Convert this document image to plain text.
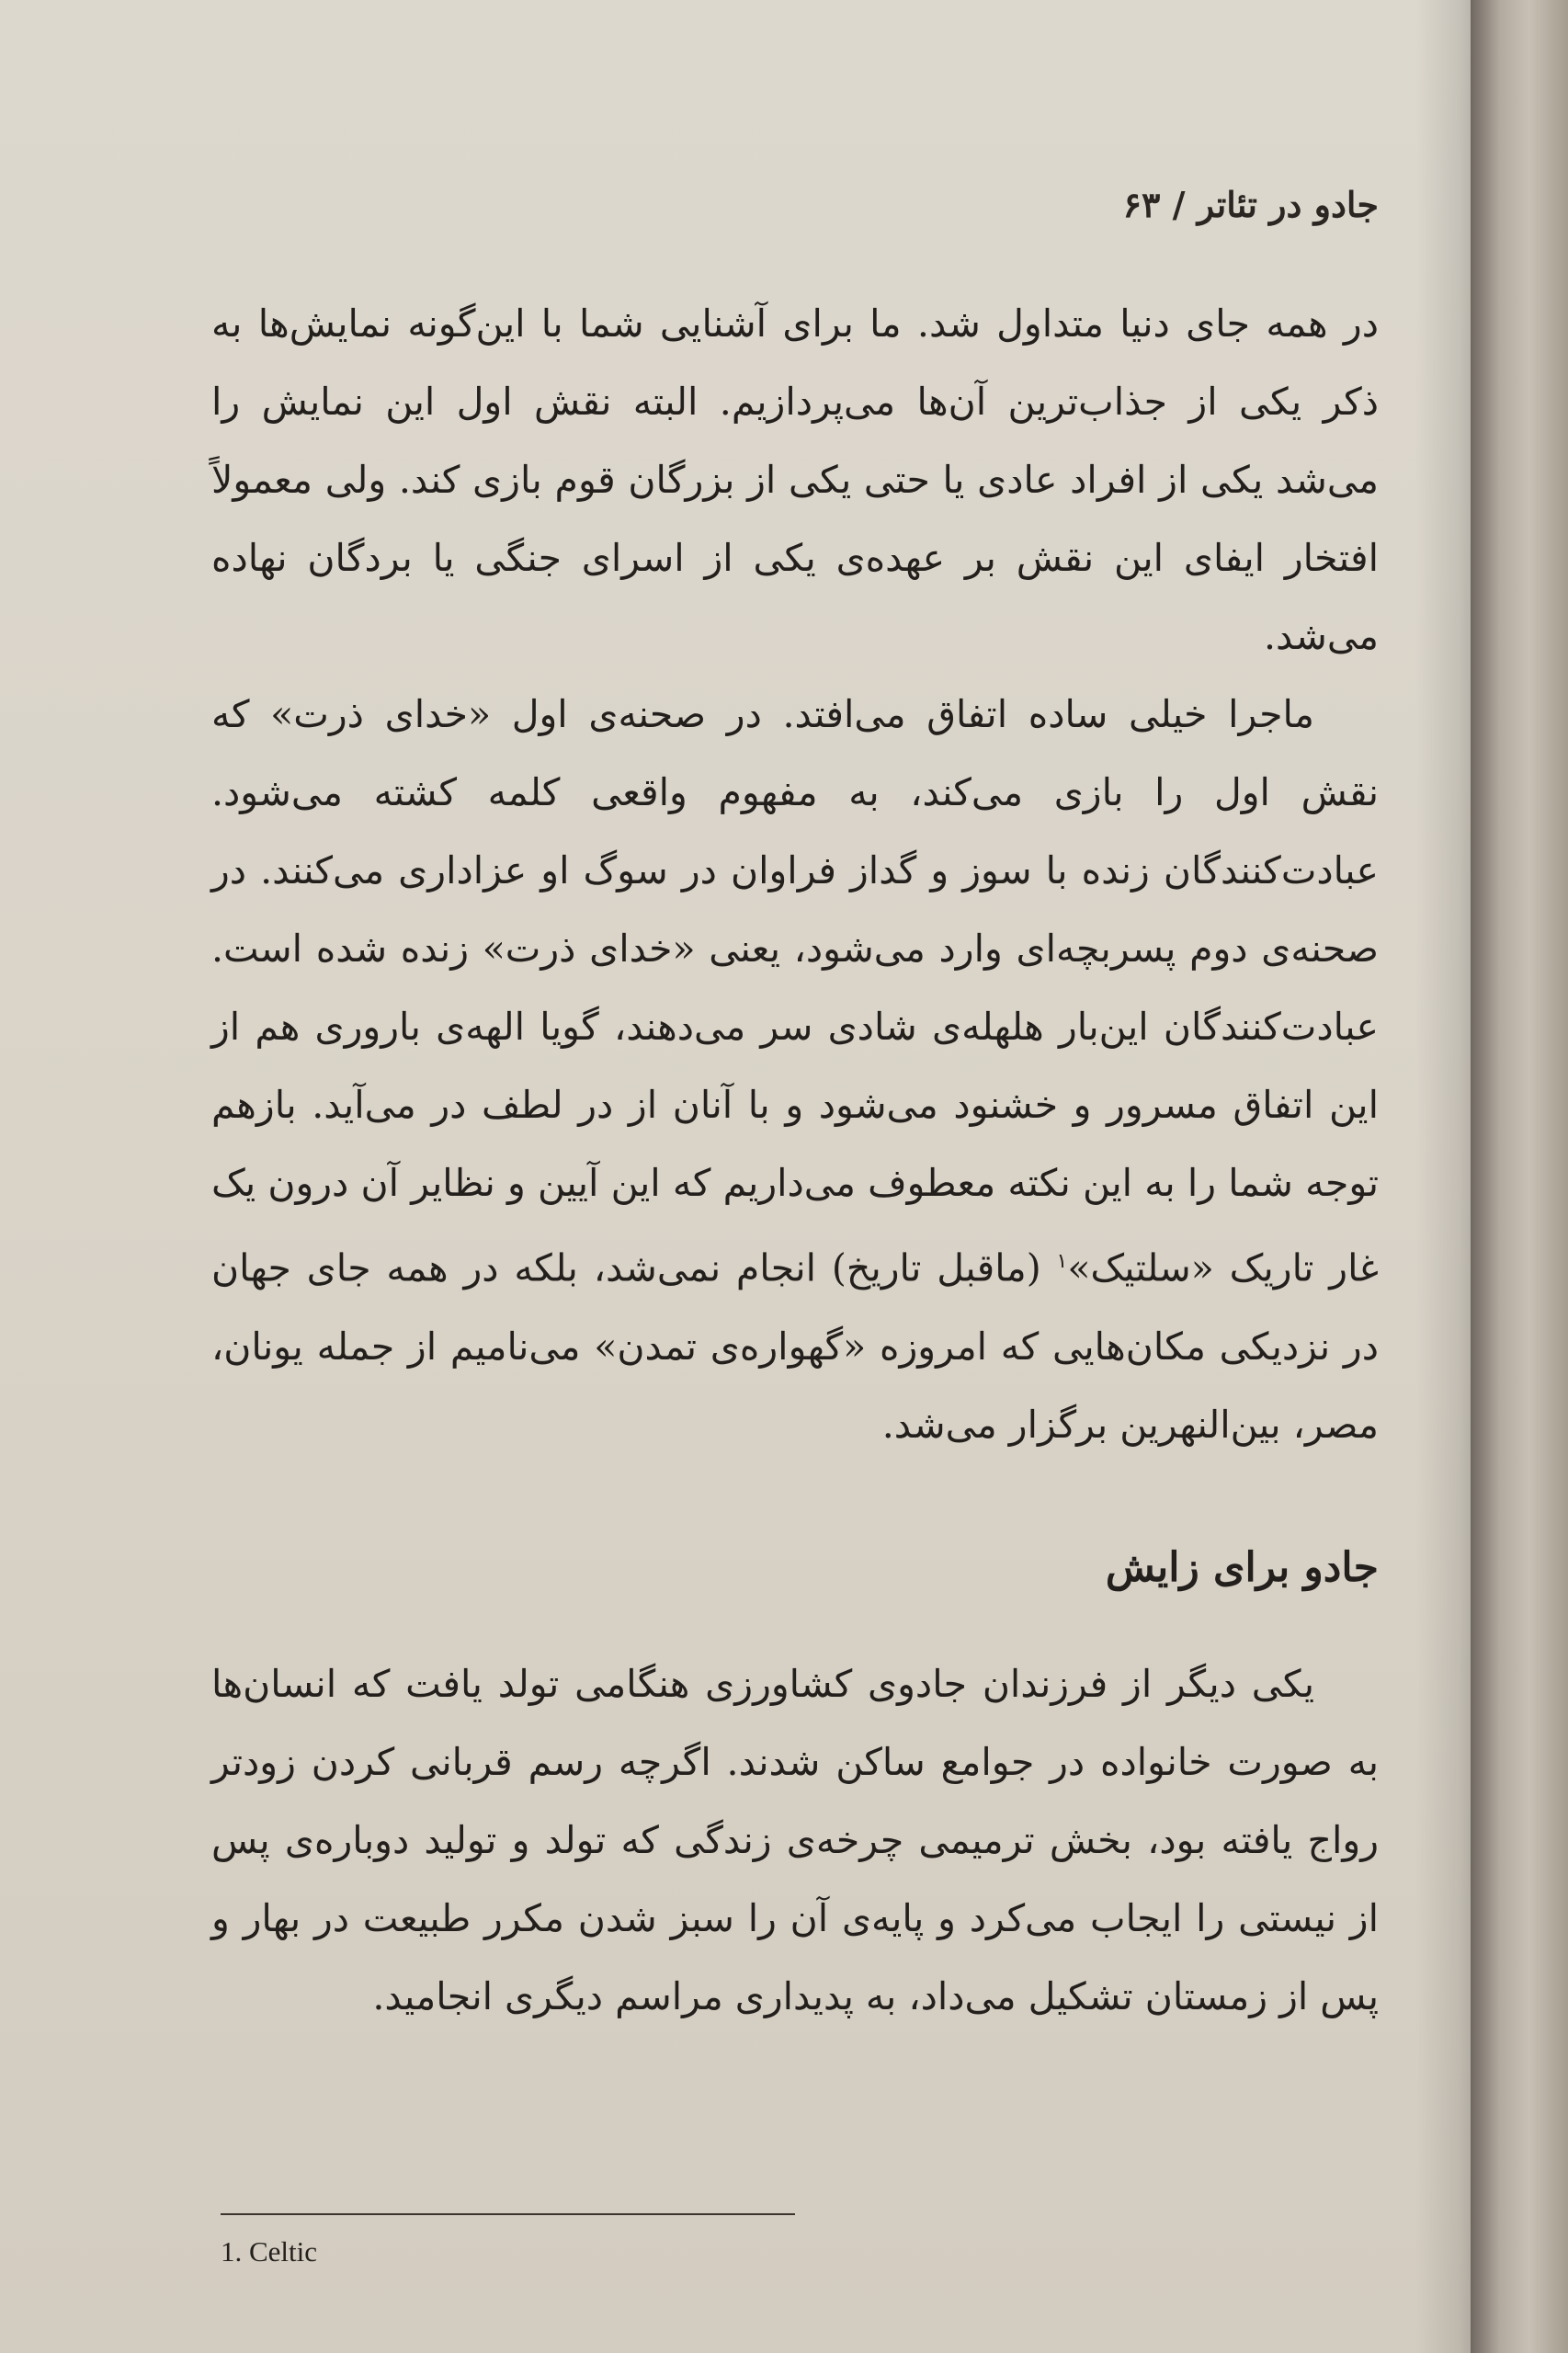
جادو در تئاتر / ۶۳

در همه جای دنیا متداول شد. ما برای آشنایی شما با این‌گونه نمایش‌ها به ذکر یکی از جذاب‌ترین آن‌ها می‌پردازیم. البته نقش اول این نمایش را می‌شد یکی از افراد عادی یا حتی یکی از بزرگان قوم بازی کند. ولی معمولاً افتخار ایفای این نقش بر عهده‌ی یکی از اسرای جنگی یا بردگان نهاده می‌شد.

ماجرا خیلی ساده اتفاق می‌افتد. در صحنه‌ی اول «خدای ذرت» که نقش اول را بازی می‌کند، به مفهوم واقعی کلمه کشته می‌شود. عبادت‌کنندگان زنده با سوز و گداز فراوان در سوگ او عزاداری می‌کنند. در صحنه‌ی دوم پسربچه‌ای وارد می‌شود، یعنی «خدای ذرت» زنده شده است. عبادت‌کنندگان این‌بار هلهله‌ی شادی سر می‌دهند، گویا الهه‌ی باروری هم از این اتفاق مسرور و خشنود می‌شود و با آنان از در لطف در می‌آید. بازهم توجه شما را به این نکته معطوف می‌داریم که این آیین و نظایر آن درون یک غار تاریک «سلتیک»$^۱$ (ماقبل تاریخ) انجام نمی‌شد، بلکه در همه جای جهان در نزدیکی مکان‌هایی که امروزه «گهواره‌ی تمدن» می‌نامیم از جمله یونان، مصر، بین‌النهرین برگزار می‌شد.

جادو برای زایش

یکی دیگر از فرزندان جادوی کشاورزی هنگامی تولد یافت که انسان‌ها به صورت خانواده در جوامع ساکن شدند. اگرچه رسم قربانی کردن زودتر رواج یافته بود، بخش ترمیمی چرخه‌ی زندگی که تولد و تولید دوباره‌ی پس از نیستی را ایجاب می‌کرد و پایه‌ی آن را سبز شدن مکرر طبیعت در بهار و پس از زمستان تشکیل می‌داد، به پدیداری مراسم دیگری انجامید.

1. Celtic
